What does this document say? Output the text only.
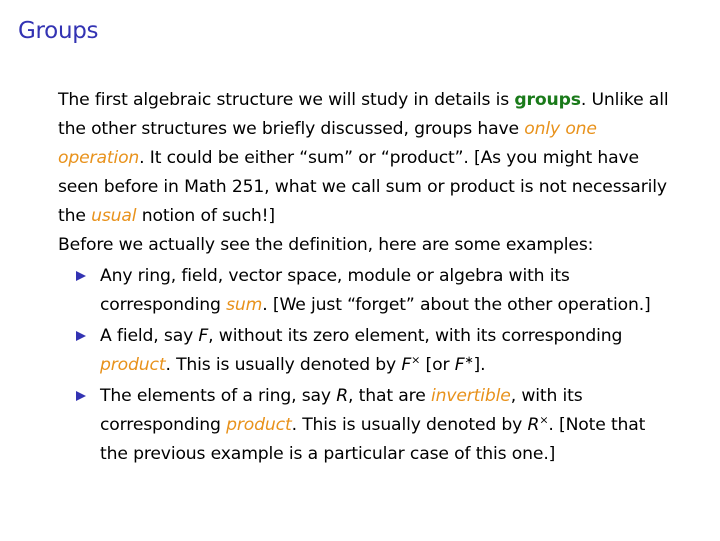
Groups

The first algebraic structure we will study in details is groups. Unlike all the other structures we briefly discussed, groups have only one operation. It could be either “sum” or “product”. [As you might have seen before in Math 251, what we call sum or product is not necessarily the usual notion of such!]

Before we actually see the definition, here are some examples:

Any ring, field, vector space, module or algebra with its corresponding sum. [We just “forget” about the other operation.]
A field, say F, without its zero element, with its corresponding product. This is usually denoted by F× [or F∗].
The elements of a ring, say R, that are invertible, with its corresponding product. This is usually denoted by R×. [Note that the previous example is a particular case of this one.]
